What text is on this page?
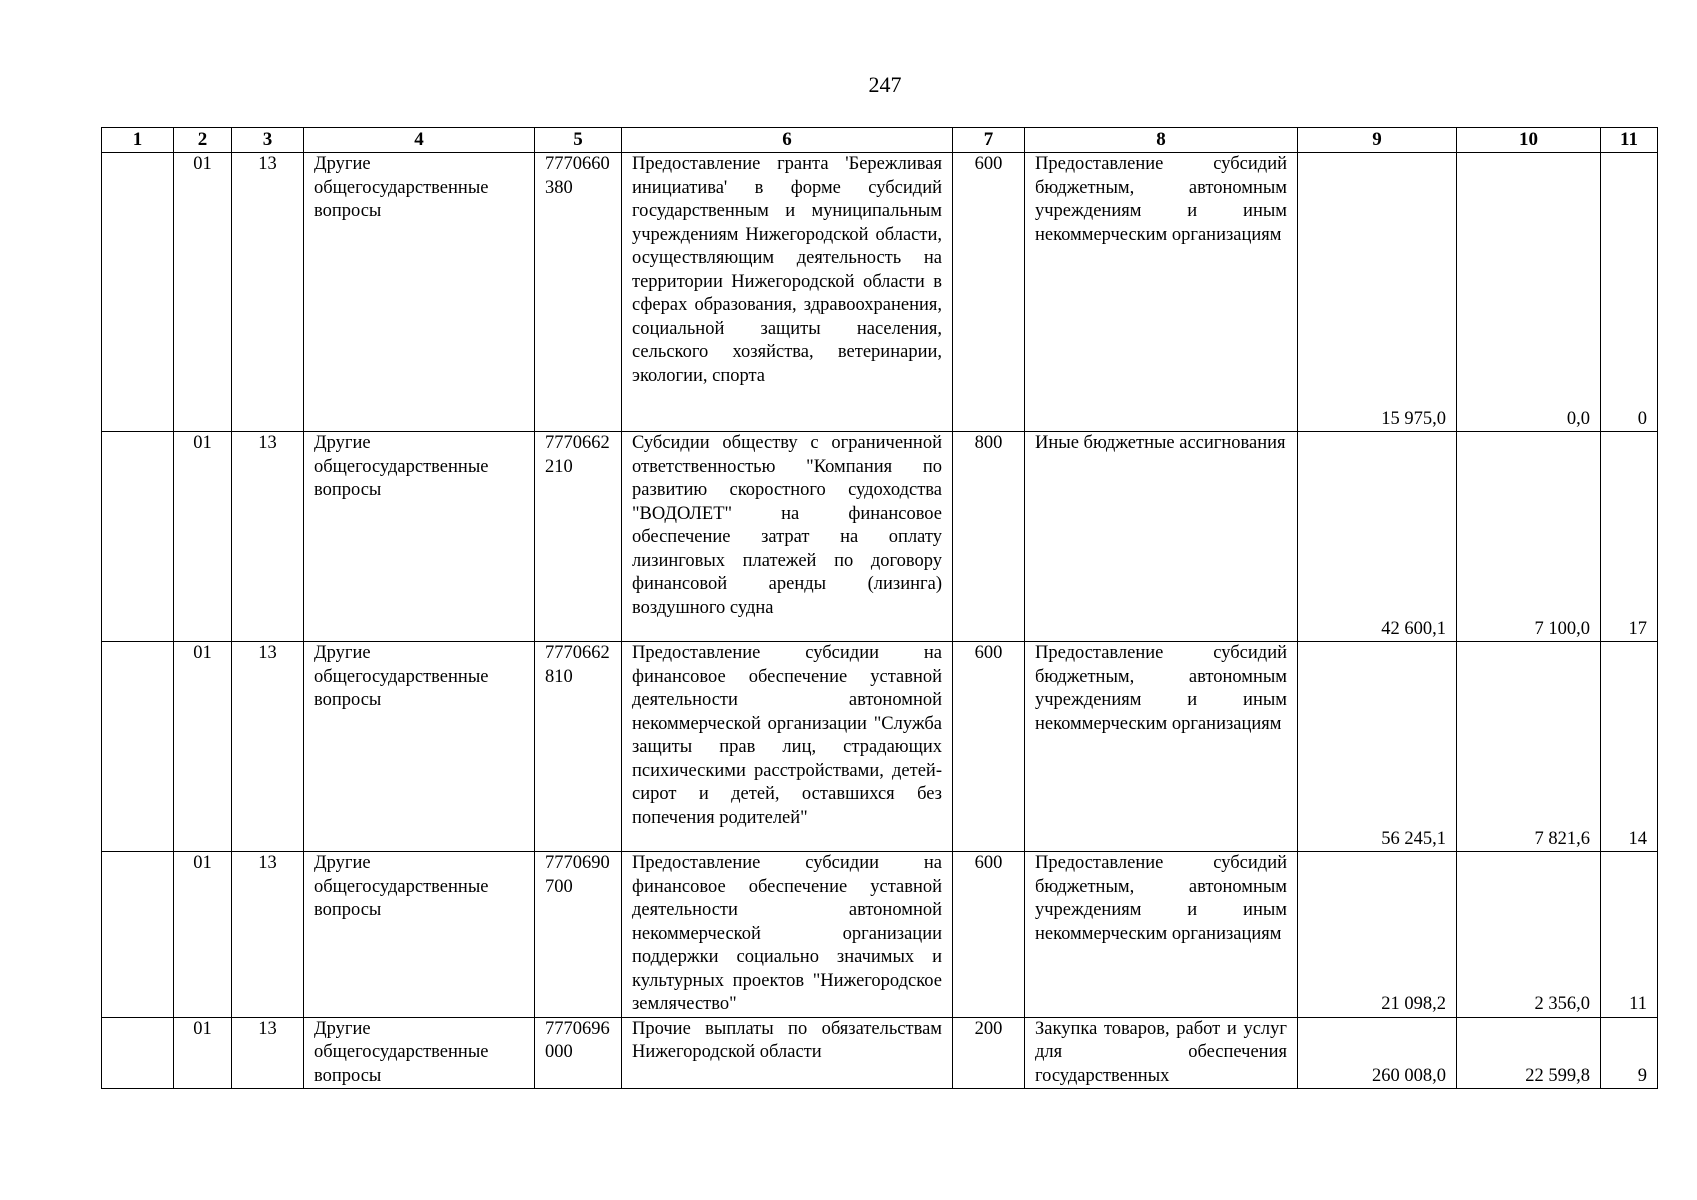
247
1	2	3	4	5	6	7	8	9	10	11
	01	13	Другие общегосударственные вопросы	7770660380	Предоставление гранта 'Бережливая инициатива' в форме субсидий государственным и муниципальным учреждениям Нижегородской области, осуществляющим деятельность на территории Нижегородской области в сферах образования, здравоохранения, социальной защиты населения, сельского хозяйства, ветеринарии, экологии, спорта	600	Предоставление субсидий бюджетным, автономным учреждениям и иным некоммерческим организациям	15 975,0	0,0	0
	01	13	Другие общегосударственные вопросы	7770662210	Субсидии обществу с ограниченной ответственностью "Компания по развитию скоростного судоходства "ВОДОЛЕТ" на финансовое обеспечение затрат на оплату лизинговых платежей по договору финансовой аренды (лизинга) воздушного судна	800	Иные бюджетные ассигнования	42 600,1	7 100,0	17
	01	13	Другие общегосударственные вопросы	7770662810	Предоставление субсидии на финансовое обеспечение уставной деятельности автономной некоммерческой организации "Служба защиты прав лиц, страдающих психическими расстройствами, детей-сирот и детей, оставшихся без попечения родителей"	600	Предоставление субсидий бюджетным, автономным учреждениям и иным некоммерческим организациям	56 245,1	7 821,6	14
	01	13	Другие общегосударственные вопросы	7770690700	Предоставление субсидии на финансовое обеспечение уставной деятельности автономной некоммерческой организации поддержки социально значимых и культурных проектов "Нижегородское землячество"	600	Предоставление субсидий бюджетным, автономным учреждениям и иным некоммерческим организациям	21 098,2	2 356,0	11
	01	13	Другие общегосударственные вопросы	7770696000	Прочие выплаты по обязательствам Нижегородской области	200	Закупка товаров, работ и услуг для обеспечения государственных	260 008,0	22 599,8	9
